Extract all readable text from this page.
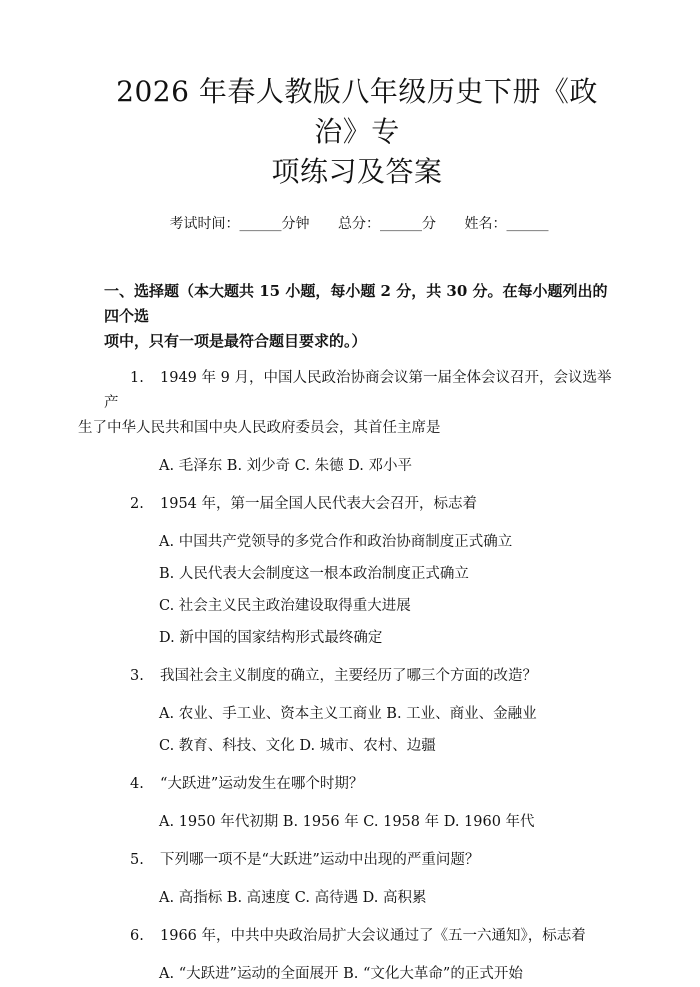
2026 年春人教版八年级历史下册《政治》专
项练习及答案
考试时间：______分钟 总分：______分 姓名：______
一、选择题（本大题共 15 小题，每小题 2 分，共 30 分。在每小题列出的四个选
项中，只有一项是最符合题目要求的。）
1. 1949 年 9 月，中国人民政治协商会议第一届全体会议召开，会议选举产
生了中华人民共和国中央人民政府委员会，其首任主席是
A. 毛泽东 B. 刘少奇 C. 朱德 D. 邓小平
2. 1954 年，第一届全国人民代表大会召开，标志着
A. 中国共产党领导的多党合作和政治协商制度正式确立
B. 人民代表大会制度这一根本政治制度正式确立
C. 社会主义民主政治建设取得重大进展
D. 新中国的国家结构形式最终确定
3. 我国社会主义制度的确立，主要经历了哪三个方面的改造？
A. 农业、手工业、资本主义工商业 B. 工业、商业、金融业
C. 教育、科技、文化 D. 城市、农村、边疆
4. “大跃进”运动发生在哪个时期？
A. 1950 年代初期 B. 1956 年 C. 1958 年 D. 1960 年代
5. 下列哪一项不是“大跃进”运动中出现的严重问题？
A. 高指标 B. 高速度 C. 高待遇 D. 高积累
6. 1966 年，中共中央政治局扩大会议通过了《五一六通知》，标志着
A. “大跃进”运动的全面展开 B. “文化大革命”的正式开始
